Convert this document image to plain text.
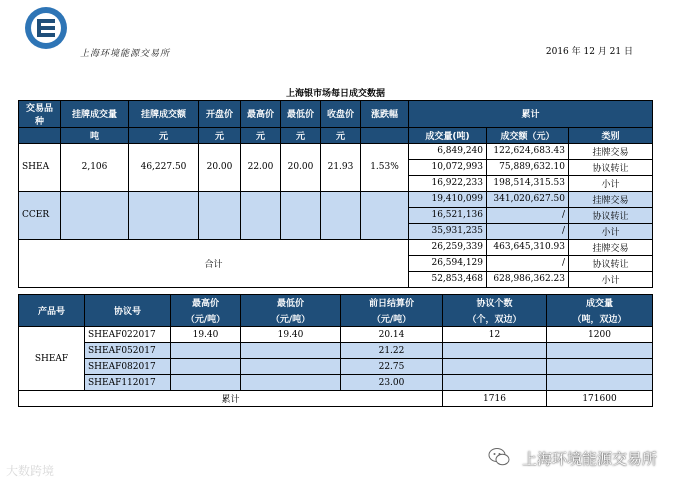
上海环境能源交易所	2016 年 12 月 21 日
上海银市场每日成交数据										
交易品种	挂牌成交量	挂牌成交额	开盘价	最高价	最低价	收盘价	涨跌幅	累计		
	吨	元	元	元	元	元		成交量(吨)	成交额（元）	类别
SHEA	2,106	46,227.50	20.00	22.00	20.00	21.93	1.53%	6,849,240	122,624,683.43	挂牌交易
								10,072,993	75,889,632.10	协议转让
								16,922,233	198,514,315.53	小计
CCER								19,410,099	341,020,627.50	挂牌交易
								16,521,136	/	协议转让
								35,931,235	/	小计
合计								26,259,339	463,645,310.93	挂牌交易
								26,594,129	/	协议转让
								52,853,468	628,986,362.23	小计
产品号	协议号	最高价	最低价	前日结算价	协议个数	成交量
		（元/吨）	（元/吨）	（元/吨）	（个，双边）	（吨，双边）
SHEAF	SHEAF022017	19.40	19.40	20.14	12	1200
	SHEAF052017			21.22		
	SHEAF082017			22.75		
	SHEAF112017			23.00		
累计					1716	171600
大数跨境
上海环境能源交易所
